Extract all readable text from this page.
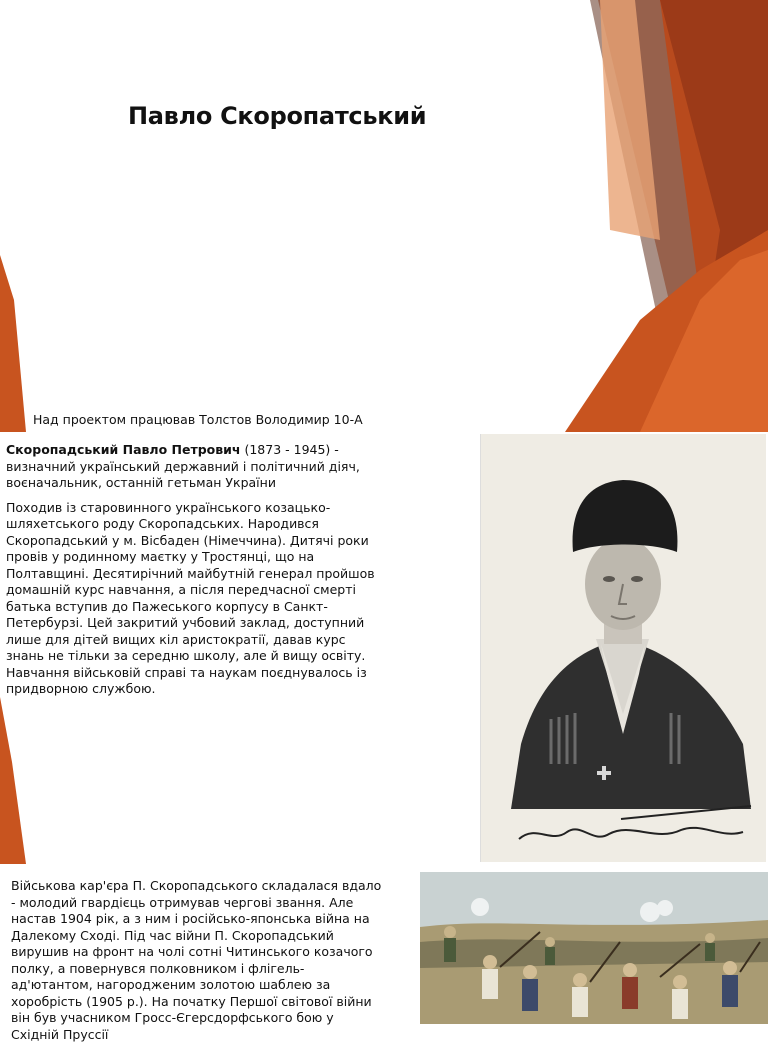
Павло Скоропатський
Над проектом працював Толстов Володимир 10-А

Скоропадський Павло Петрович (1873 - 1945) - визначний український державний і політичний діяч, воєначальник, останній гетьман України

Походив із старовинного українського козацько-шляхетського роду Скоропадських. Народився Скоропадський у м. Вісбаден (Німеччина). Дитячі роки провів у родинному маєтку у Тростянці, що на Полтавщині. Десятирічний майбутній генерал пройшов домашній курс навчання, а після передчасної смерті батька вступив до Пажеського корпусу в Санкт-Петербурзі. Цей закритий учбовий заклад, доступний лише для дітей вищих кіл аристократії, давав курс знань не тільки за середню школу, але й вищу освіту. Навчання військовій справі та наукам поєднувалось із придворною службою.

Військова кар'єра П. Скоропадського складалася вдало - молодий гвардієць отримував чергові звання. Але настав 1904 рік, а з ним і російсько-японська війна на Далекому Сході. Під час війни П. Скоропадський вирушив на фронт на чолі сотні Читинського козачого полку, а повернувся полковником і флігель-ад'ютантом, нагородженим золотою шаблею за хоробрість (1905 р.). На початку Першої світової війни він був учасником Гросс-Єгерсдорфського бою у Східній Пруссії
